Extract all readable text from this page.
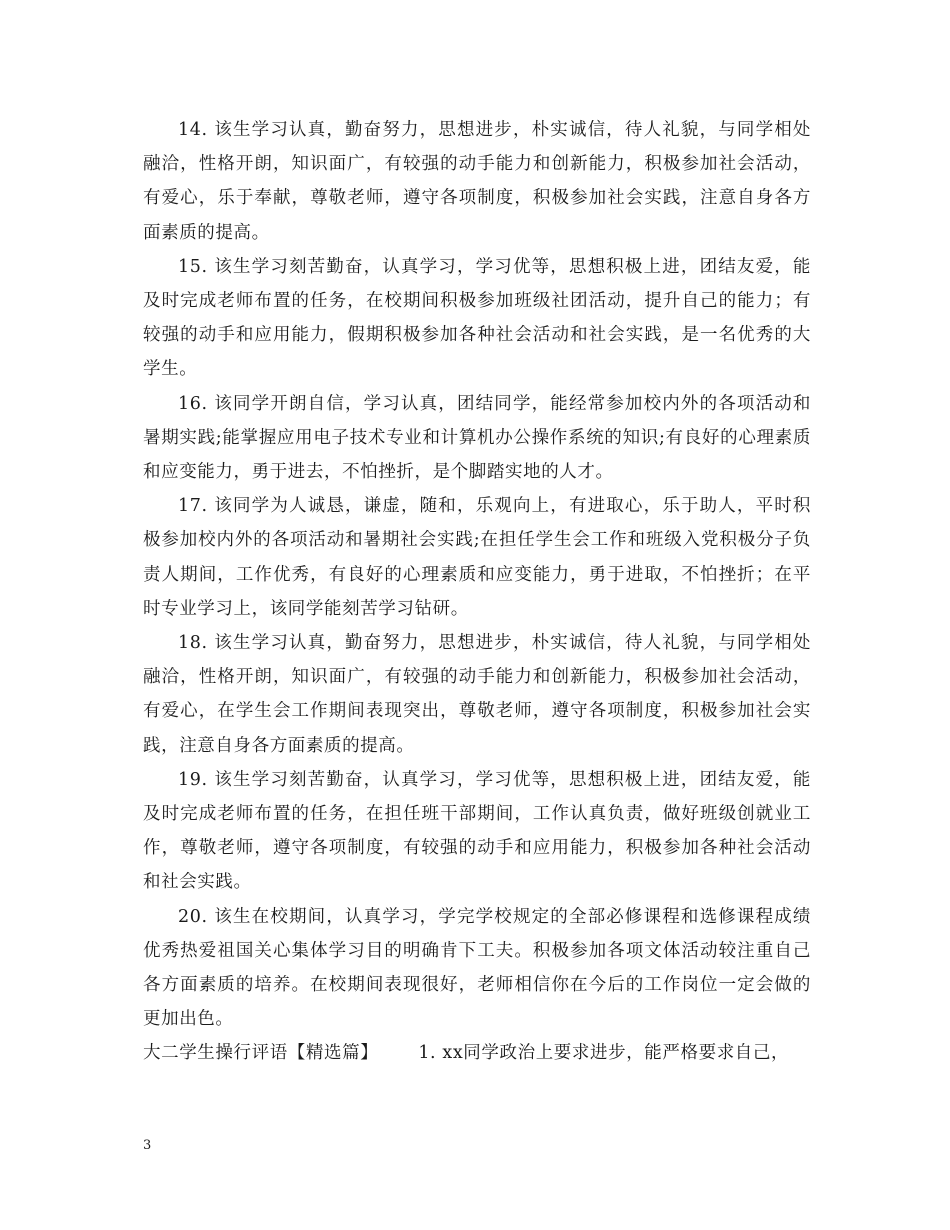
14. 该生学习认真，勤奋努力，思想进步，朴实诚信，待人礼貌，与同学相处融洽，性格开朗，知识面广，有较强的动手能力和创新能力，积极参加社会活动，有爱心，乐于奉献，尊敬老师，遵守各项制度，积极参加社会实践，注意自身各方面素质的提高。

15. 该生学习刻苦勤奋，认真学习，学习优等，思想积极上进，团结友爱，能及时完成老师布置的任务，在校期间积极参加班级社团活动，提升自己的能力；有较强的动手和应用能力，假期积极参加各种社会活动和社会实践，是一名优秀的大学生。

16. 该同学开朗自信，学习认真，团结同学，能经常参加校内外的各项活动和暑期实践;能掌握应用电子技术专业和计算机办公操作系统的知识;有良好的心理素质和应变能力，勇于进去，不怕挫折，是个脚踏实地的人才。

17. 该同学为人诚恳，谦虚，随和，乐观向上，有进取心，乐于助人，平时积极参加校内外的各项活动和暑期社会实践;在担任学生会工作和班级入党积极分子负责人期间，工作优秀，有良好的心理素质和应变能力，勇于进取，不怕挫折；在平时专业学习上，该同学能刻苦学习钻研。

18. 该生学习认真，勤奋努力，思想进步，朴实诚信，待人礼貌，与同学相处融洽，性格开朗，知识面广，有较强的动手能力和创新能力，积极参加社会活动，有爱心，在学生会工作期间表现突出，尊敬老师，遵守各项制度，积极参加社会实践，注意自身各方面素质的提高。

19. 该生学习刻苦勤奋，认真学习，学习优等，思想积极上进，团结友爱，能及时完成老师布置的任务，在担任班干部期间，工作认真负责，做好班级创就业工作，尊敬老师，遵守各项制度，有较强的动手和应用能力，积极参加各种社会活动和社会实践。

20. 该生在校期间，认真学习，学完学校规定的全部必修课程和选修课程成绩优秀热爱祖国关心集体学习目的明确肯下工夫。积极参加各项文体活动较注重自己各方面素质的培养。在校期间表现很好，老师相信你在今后的工作岗位一定会做的更加出色。

大二学生操行评语【精选篇】 1. xx同学政治上要求进步，能严格要求自己，

3
